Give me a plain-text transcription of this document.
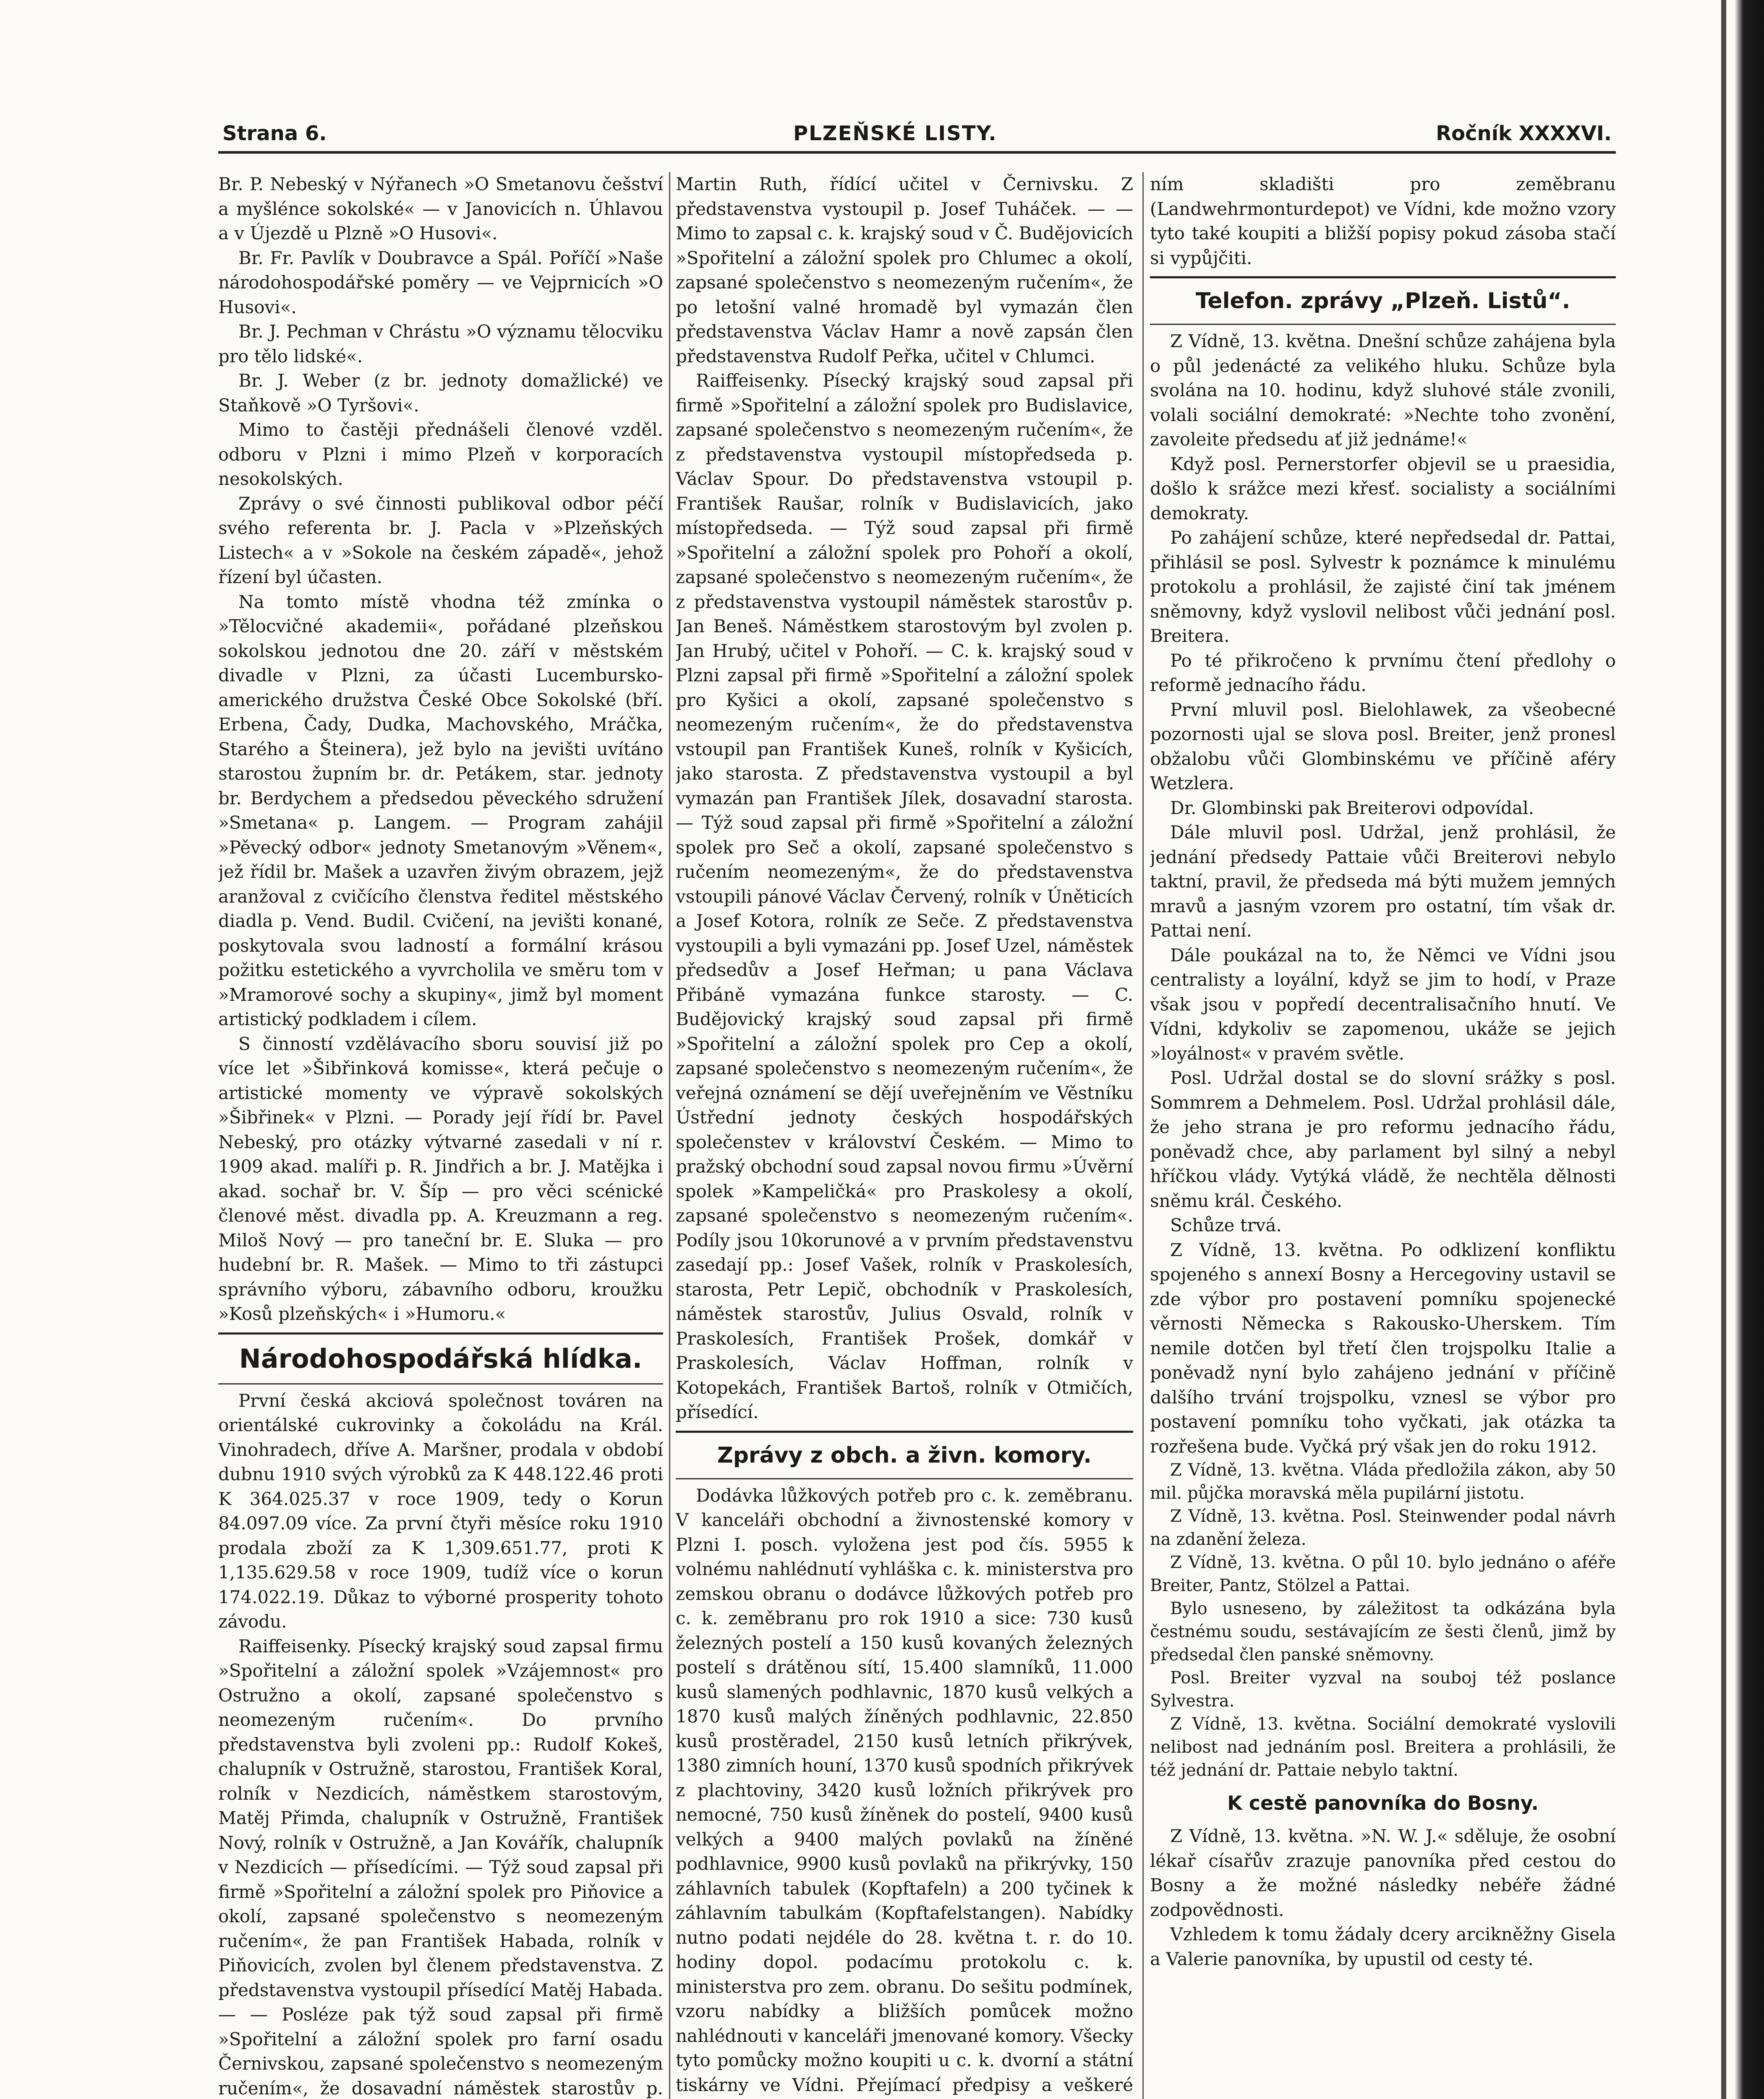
Strana 6.	PLZEŇSKÉ LISTY.	Ročník XXXXVI.

Br. P. Nebeský v Nýřanech »O Smetanovu češství a myšlénce sokolské« — v Janovicích n. Úhlavou a v Újezdě u Plzně »O Husovi«.

Br. Fr. Pavlík v Doubravce a Spál. Poříčí »Naše národohospodářské poměry — ve Vejprnicích »O Husovi«.

Br. J. Pechman v Chrástu »O významu tělocviku pro tělo lidské«.

Br. J. Weber (z br. jednoty domažlické) ve Staňkově »O Tyršovi«.

Mimo to častěji přednášeli členové vzděl. odboru v Plzni i mimo Plzeň v korporacích nesokolských.

Zprávy o své činnosti publikoval odbor péčí svého referenta br. J. Pacla v »Plzeňských Listech« a v »Sokole na českém západě«, jehož řízení byl účasten.

Na tomto místě vhodna též zmínka o »Tělocvičné akademii«, pořádané plzeňskou sokolskou jednotou dne 20. září v městském divadle v Plzni, za účasti Lucembursko-amerického družstva České Obce Sokolské (bří. Erbena, Čady, Dudka, Machovského, Mráčka, Starého a Šteinera), jež bylo na jevišti uvítáno starostou župním br. dr. Petákem, star. jednoty br. Berdychem a předsedou pěveckého sdružení »Smetana« p. Langem. — Program zahájil »Pěvecký odbor« jednoty Smetanovým »Věnem«, jež řídil br. Mašek a uzavřen živým obrazem, jejž aranžoval z cvičícího členstva ředitel městského diadla p. Vend. Budil. Cvičení, na jevišti konané, poskytovala svou ladností a formální krásou požitku estetického a vyvrcholila ve směru tom v »Mramorové sochy a skupiny«, jimž byl moment artistický podkladem i cílem.

S činností vzdělávacího sboru souvisí již po více let »Šibřinková komisse«, která pečuje o artistické momenty ve výpravě sokolských »Šibřinek« v Plzni. — Porady její řídí br. Pavel Nebeský, pro otázky výtvarné zasedali v ní r. 1909 akad. malíři p. R. Jindřich a br. J. Matějka i akad. sochař br. V. Šíp — pro věci scénické členové měst. divadla pp. A. Kreuzmann a reg. Miloš Nový — pro taneční br. E. Sluka — pro hudební br. R. Mašek. — Mimo to tři zástupci správního výboru, zábavního odboru, kroužku »Kosů plzeňských« i »Humoru.«

Národohospodářská hlídka.

První česká akciová společnost továren na orientálské cukrovinky a čokoládu na Král. Vinohradech, dříve A. Maršner, prodala v období dubnu 1910 svých výrobků za K 448.122.46 proti K 364.025.37 v roce 1909, tedy o Korun 84.097.09 více. Za první čtyři měsíce roku 1910 prodala zboží za K 1,309.651.77, proti K 1,135.629.58 v roce 1909, tudíž více o korun 174.022.19. Důkaz to výborné prosperity tohoto závodu.

Raiffeisenky. Písecký krajský soud zapsal firmu »Spořitelní a záložní spolek »Vzájemnost« pro Ostružno a okolí, zapsané společenstvo s neomezeným ručením«. Do prvního představenstva byli zvoleni pp.: Rudolf Kokeš, chalupník v Ostružně, starostou, František Koral, rolník v Nezdicích, náměstkem starostovým, Matěj Přimda, chalupník v Ostružně, František Nový, rolník v Ostružně, a Jan Kovářík, chalupník v Nezdicích — přísedícími. — Týž soud zapsal při firmě »Spořitelní a záložní spolek pro Piňovice a okolí, zapsané společenstvo s neomezeným ručením«, že pan František Habada, rolník v Piňovicích, zvolen byl členem představenstva. Z představenstva vystoupil přísedící Matěj Habada. — — Posléze pak týž soud zapsal při firmě »Spořitelní a záložní spolek pro farní osadu Černivskou, zapsané společenstvo s neomezeným ručením«, že dosavadní náměstek starostův p.

Martin Ruth, řídící učitel v Černivsku. Z představenstva vystoupil p. Josef Tuháček. — — Mimo to zapsal c. k. krajský soud v Č. Budějovicích »Spořitelní a záložní spolek pro Chlumec a okolí, zapsané společenstvo s neomezeným ručením«, že po letošní valné hromadě byl vymazán člen představenstva Václav Hamr a nově zapsán člen představenstva Rudolf Peřka, učitel v Chlumci.

Raiffeisenky. Písecký krajský soud zapsal při firmě »Spořitelní a záložní spolek pro Budislavice, zapsané společenstvo s neomezeným ručením«, že z představenstva vystoupil místopředseda p. Václav Spour. Do představenstva vstoupil p. František Raušar, rolník v Budislavicích, jako místopředseda. — Týž soud zapsal při firmě »Spořitelní a záložní spolek pro Pohoří a okolí, zapsané společenstvo s neomezeným ručením«, že z představenstva vystoupil náměstek starostův p. Jan Beneš. Náměstkem starostovým byl zvolen p. Jan Hrubý, učitel v Pohoří. — C. k. krajský soud v Plzni zapsal při firmě »Spořitelní a záložní spolek pro Kyšici a okolí, zapsané společenstvo s neomezeným ručením«, že do představenstva vstoupil pan František Kuneš, rolník v Kyšicích, jako starosta. Z představenstva vystoupil a byl vymazán pan František Jílek, dosavadní starosta. — Týž soud zapsal při firmě »Spořitelní a záložní spolek pro Seč a okolí, zapsané společenstvo s ručením neomezeným«, že do představenstva vstoupili pánové Václav Červený, rolník v Úněticích a Josef Kotora, rolník ze Seče. Z představenstva vystoupili a byli vymazáni pp. Josef Uzel, náměstek předsedův a Josef Heřman; u pana Václava Přibáně vymazána funkce starosty. — C. Budějovický krajský soud zapsal při firmě »Spořitelní a záložní spolek pro Cep a okolí, zapsané společenstvo s neomezeným ručením«, že veřejná oznámení se dějí uveřejněním ve Věstníku Ústřední jednoty českých hospodářských společenstev v království Českém. — Mimo to pražský obchodní soud zapsal novou firmu »Úvěrní spolek »Kampeličká« pro Praskolesy a okolí, zapsané společenstvo s neomezeným ručením«. Podíly jsou 10korunové a v prvním představenstvu zasedají pp.: Josef Vašek, rolník v Praskolesích, starosta, Petr Lepič, obchodník v Praskolesích, náměstek starostův, Julius Osvald, rolník v Praskolesích, František Prošek, domkář v Praskolesích, Václav Hoffman, rolník v Kotopekách, František Bartoš, rolník v Otmičích, přísedící.

Zprávy z obch. a živn. komory.

Dodávka lůžkových potřeb pro c. k. zeměbranu. V kanceláři obchodní a živnostenské komory v Plzni I. posch. vyložena jest pod čís. 5955 k volnému nahlédnutí vyhláška c. k. ministerstva pro zemskou obranu o dodávce lůžkových potřeb pro c. k. zeměbranu pro rok 1910 a sice: 730 kusů železných postelí a 150 kusů kovaných železných postelí s drátěnou sítí, 15.400 slamníků, 11.000 kusů slamených podhlavnic, 1870 kusů velkých a 1870 kusů malých žíněných podhlavnic, 22.850 kusů prostěradel, 2150 kusů letních přikrývek, 1380 zimních houní, 1370 kusů spodních přikrývek z plachtoviny, 3420 kusů ložních přikrývek pro nemocné, 750 kusů žíněnek do postelí, 9400 kusů velkých a 9400 malých povlaků na žíněné podhlavnice, 9900 kusů povlaků na přikrývky, 150 záhlavních tabulek (Kopftafeln) a 200 tyčinek k záhlavním tabulkám (Kopftafelstangen). Nabídky nutno podati nejdéle do 28. května t. r. do 10. hodiny dopol. podacímu protokolu c. k. ministerstva pro zem. obranu. Do sešitu podmínek, vzoru nabídky a bližších pomůcek možno nahlédnouti v kanceláři jmenované komory. Všecky tyto pomůcky možno koupiti u c. k. dvorní a státní tiskárny ve Vídni. Přejímací předpisy a veškeré

ním skladišti pro zeměbranu (Landwehrmonturdepot) ve Vídni, kde možno vzory tyto také koupiti a bližší popisy pokud zásoba stačí si vypůjčiti.

Telefon. zprávy „Plzeň. Listů“.

Z Vídně, 13. května. Dnešní schůze zahájena byla o půl jedenácté za velikého hluku. Schůze byla svolána na 10. hodinu, když sluhové stále zvonili, volali sociální demokraté: »Nechte toho zvonění, zavoleite předsedu ať již jednáme!«

Když posl. Pernerstorfer objevil se u praesidia, došlo k srážce mezi křesť. socialisty a sociálními demokraty.

Po zahájení schůze, které nepředsedal dr. Pattai, přihlásil se posl. Sylvestr k poznámce k minulému protokolu a prohlásil, že zajisté činí tak jménem sněmovny, když vyslovil nelibost vůči jednání posl. Breitera.

Po té přikročeno k prvnímu čtení předlohy o reformě jednacího řádu.

První mluvil posl. Bielohlawek, za všeobecné pozornosti ujal se slova posl. Breiter, jenž pronesl obžalobu vůči Glombinskému ve příčině aféry Wetzlera.

Dr. Glombinski pak Breiterovi odpovídal.

Dále mluvil posl. Udržal, jenž prohlásil, že jednání předsedy Pattaie vůči Breiterovi nebylo taktní, pravil, že předseda má býti mužem jemných mravů a jasným vzorem pro ostatní, tím však dr. Pattai není.

Dále poukázal na to, že Němci ve Vídni jsou centralisty a loyální, když se jim to hodí, v Praze však jsou v popředí decentralisačního hnutí. Ve Vídni, kdykoliv se zapomenou, ukáže se jejich »loyálnost« v pravém světle.

Posl. Udržal dostal se do slovní srážky s posl. Sommrem a Dehmelem. Posl. Udržal prohlásil dále, že jeho strana je pro reformu jednacího řádu, poněvadž chce, aby parlament byl silný a nebyl hříčkou vlády. Vytýká vládě, že nechtěla dělnosti sněmu král. Českého.

Schůze trvá.

Z Vídně, 13. května. Po odklizení konfliktu spojeného s annexí Bosny a Hercegoviny ustavil se zde výbor pro postavení pomníku spojenecké věrnosti Německa s Rakousko-Uherskem. Tím nemile dotčen byl třetí člen trojspolku Italie a poněvadž nyní bylo zahájeno jednání v příčině dalšího trvání trojspolku, vznesl se výbor pro postavení pomníku toho vyčkati, jak otázka ta rozřešena bude. Vyčká prý však jen do roku 1912.

Z Vídně, 13. května. Vláda předložila zákon, aby 50 mil. půjčka moravská měla pupilární jistotu.

Z Vídně, 13. května. Posl. Steinwender podal návrh na zdanění železa.

Z Vídně, 13. května. O půl 10. bylo jednáno o aféře Breiter, Pantz, Stölzel a Pattai.

Bylo usneseno, by záležitost ta odkázána byla čestnému soudu, sestávajícím ze šesti členů, jimž by předsedal člen panské sněmovny.

Posl. Breiter vyzval na souboj též poslance Sylvestra.

Z Vídně, 13. května. Sociální demokraté vyslovili nelibost nad jednáním posl. Breitera a prohlásili, že též jednání dr. Pattaie nebylo taktní.

K cestě panovníka do Bosny.

Z Vídně, 13. května. »N. W. J.« sděluje, že osobní lékař císařův zrazuje panovníka před cestou do Bosny a že možné následky nebéře žádné zodpovědnosti.

Vzhledem k tomu žádaly dcery arcikněžny Gisela a Valerie panovníka, by upustil od cesty té.
